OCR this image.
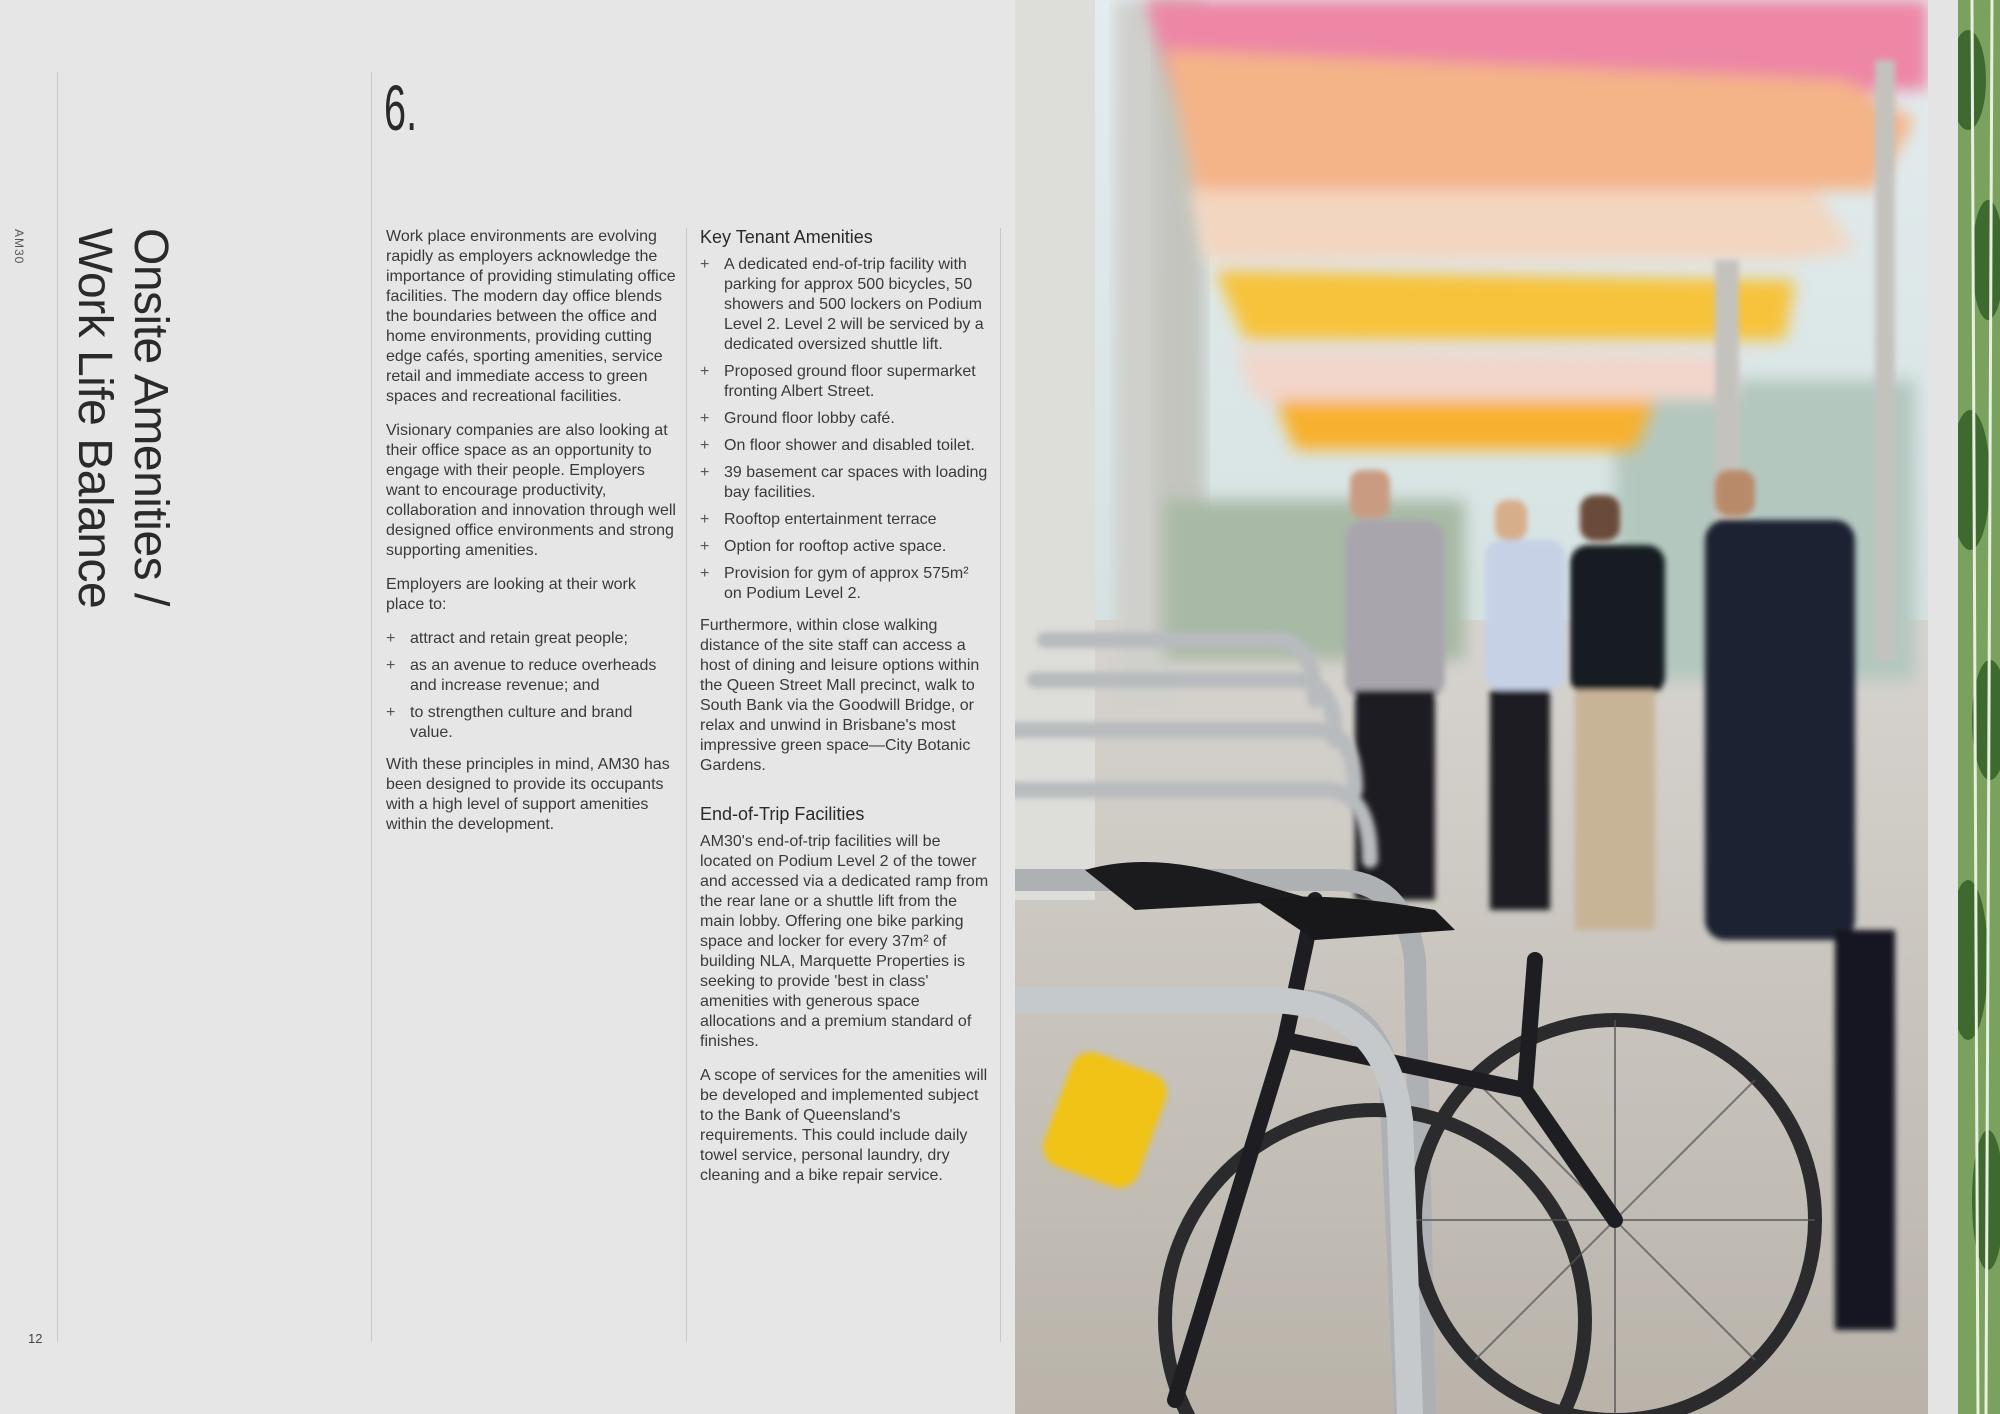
AM30 Onsite Amenities /
Work Life Balance
12
6.

Work place environments are evolving rapidly as employers acknowledge the importance of providing stimulating office facilities. The modern day office blends the boundaries between the office and home environments, providing cutting edge cafés, sporting amenities, service retail and immediate access to green spaces and recreational facilities.

Visionary companies are also looking at their office space as an opportunity to engage with their people. Employers want to encourage productivity, collaboration and innovation through well designed office environments and strong supporting amenities.

Employers are looking at their work place to:

+ attract and retain great people;
+ as an avenue to reduce overheads and increase revenue; and
+ to strengthen culture and brand value.

With these principles in mind, AM30 has been designed to provide its occupants with a high level of support amenities within the development.

Key Tenant Amenities
+ A dedicated end-of-trip facility with parking for approx 500 bicycles, 50 showers and 500 lockers on Podium Level 2. Level 2 will be serviced by a dedicated oversized shuttle lift.
+ Proposed ground floor supermarket fronting Albert Street.
+ Ground floor lobby café.
+ On floor shower and disabled toilet.
+ 39 basement car spaces with loading bay facilities.
+ Rooftop entertainment terrace
+ Option for rooftop active space.
+ Provision for gym of approx 575m² on Podium Level 2.

Furthermore, within close walking distance of the site staff can access a host of dining and leisure options within the Queen Street Mall precinct, walk to South Bank via the Goodwill Bridge, or relax and unwind in Brisbane's most impressive green space—City Botanic Gardens.

End-of-Trip Facilities

AM30's end-of-trip facilities will be located on Podium Level 2 of the tower and accessed via a dedicated ramp from the rear lane or a shuttle lift from the main lobby. Offering one bike parking space and locker for every 37m² of building NLA, Marquette Properties is seeking to provide 'best in class' amenities with generous space allocations and a premium standard of finishes.

A scope of services for the amenities will be developed and implemented subject to the Bank of Queensland's requirements. This could include daily towel service, personal laundry, dry cleaning and a bike repair service.
